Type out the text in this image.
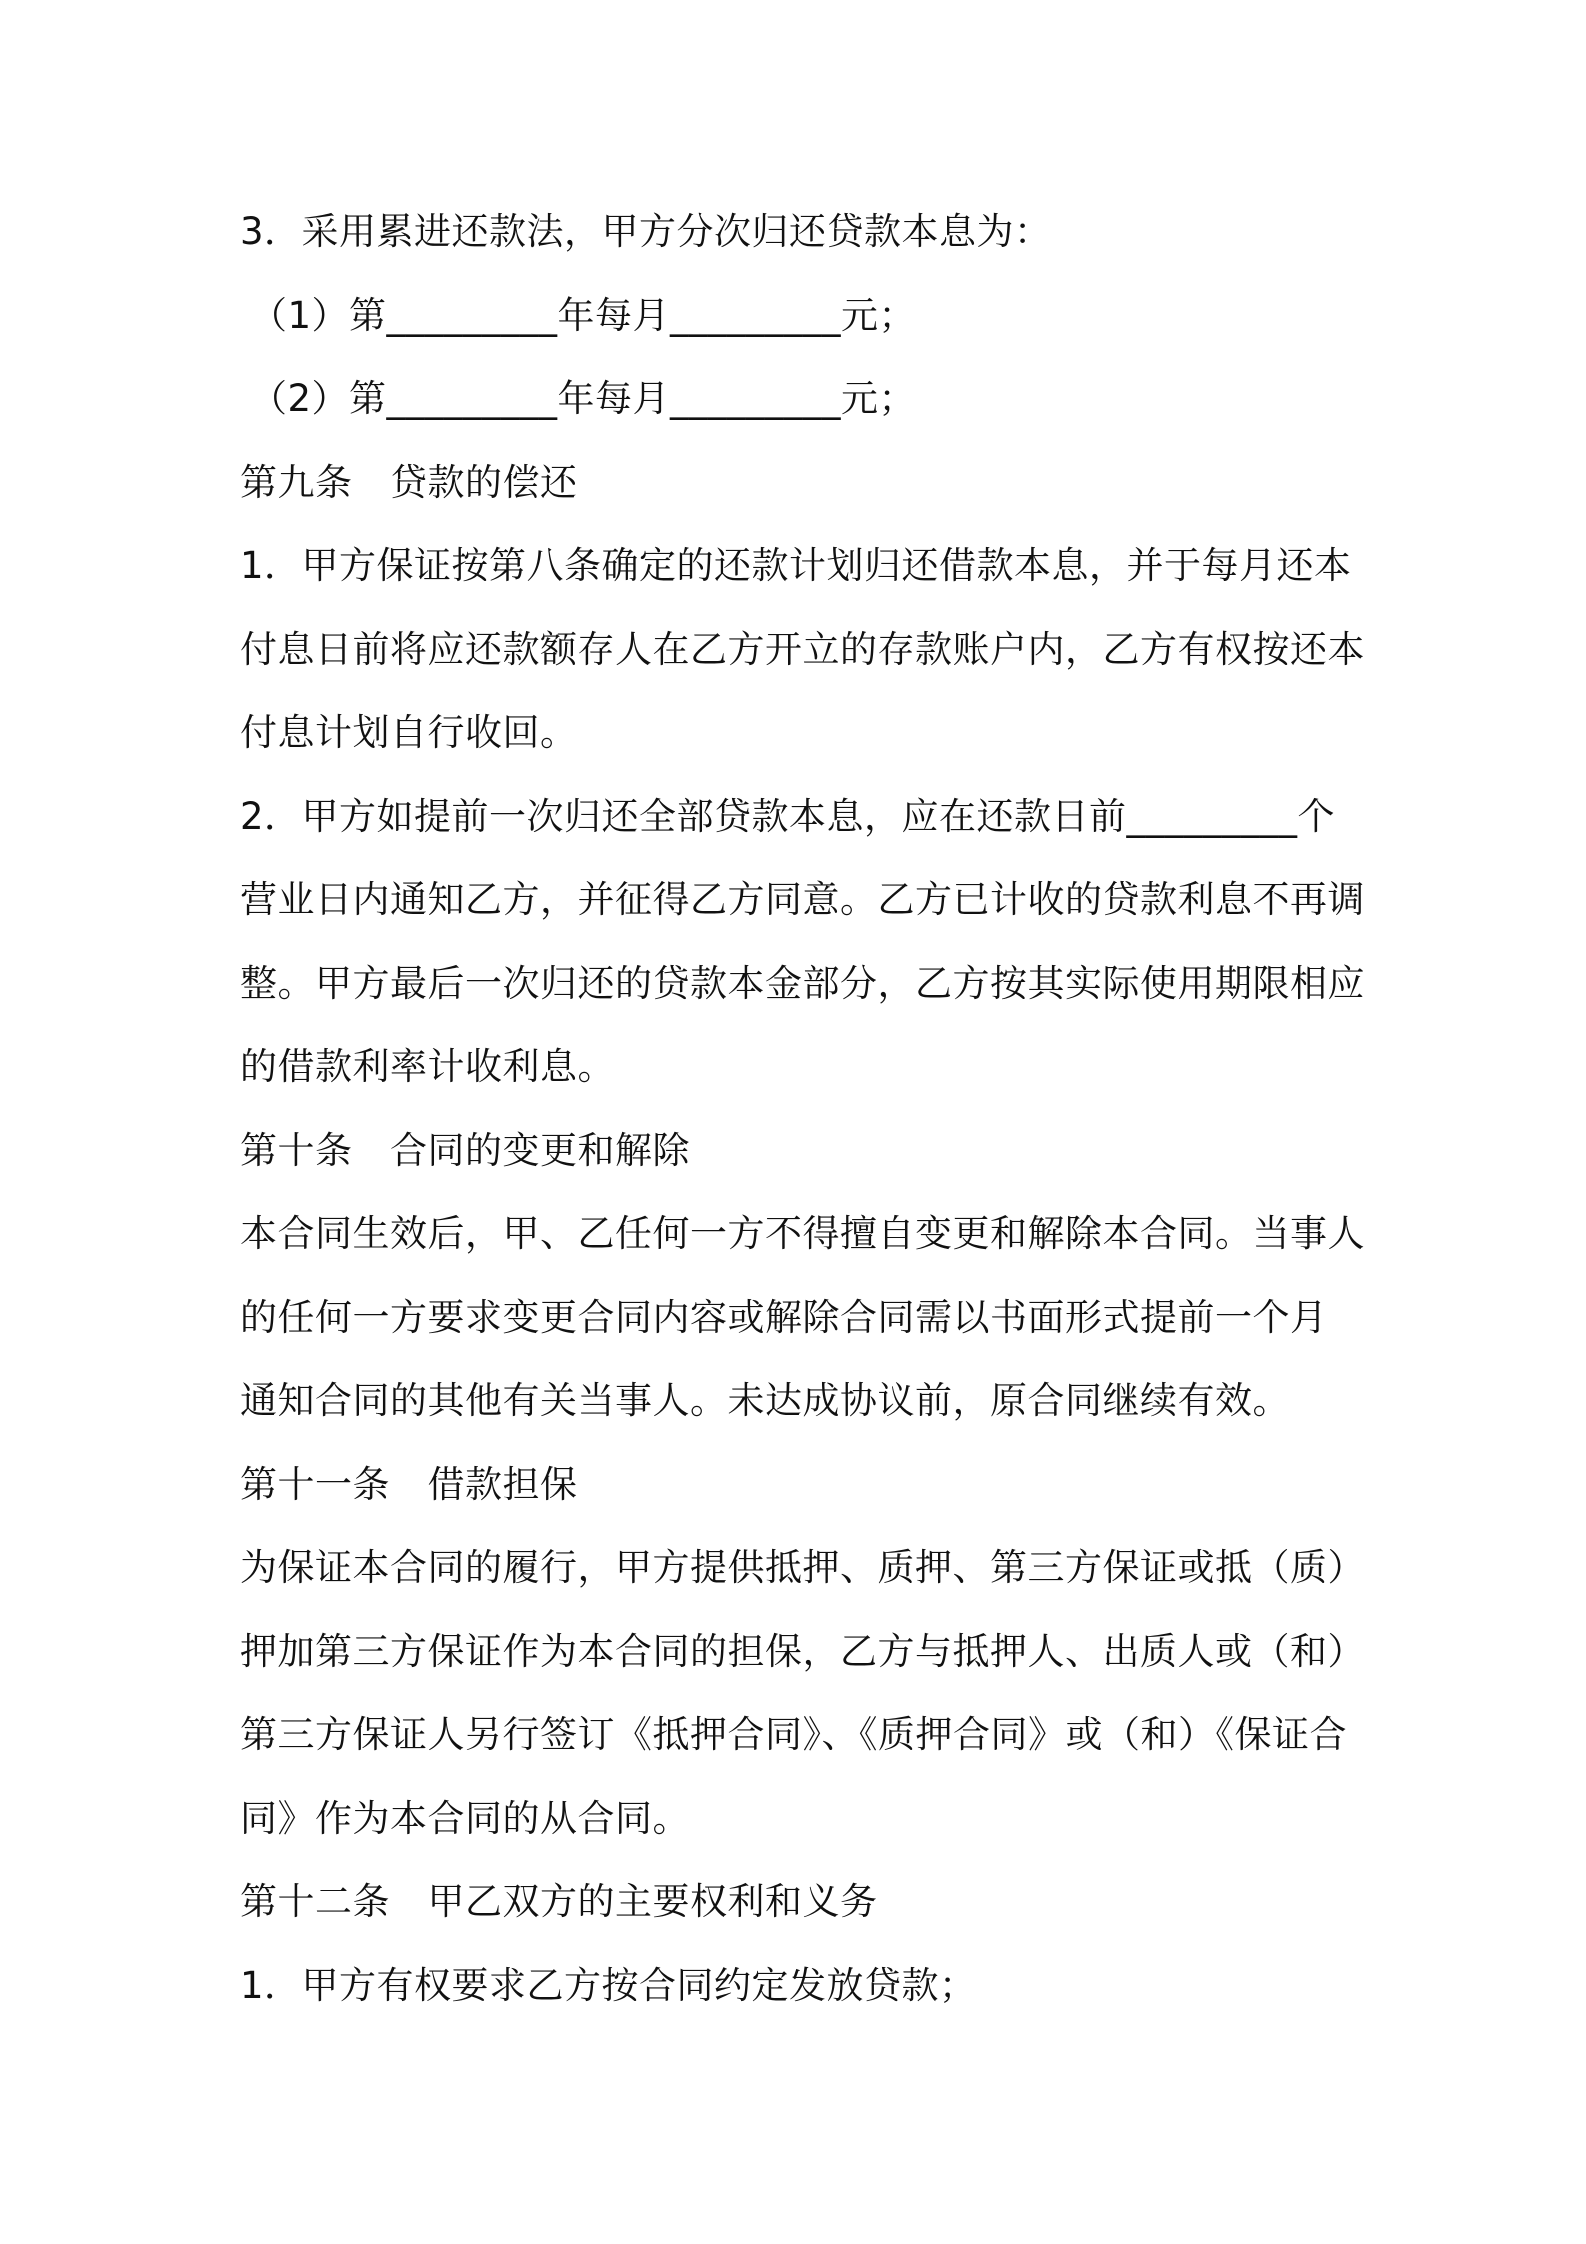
3．采用累进还款法，甲方分次归还贷款本息为：
（1）第_________年每月_________元；
（2）第_________年每月_________元；
第九条　贷款的偿还
1．甲方保证按第八条确定的还款计划归还借款本息，并于每月还本
付息日前将应还款额存人在乙方开立的存款账户内，乙方有权按还本
付息计划自行收回。
2．甲方如提前一次归还全部贷款本息，应在还款日前_________个
营业日内通知乙方，并征得乙方同意。乙方已计收的贷款利息不再调
整。甲方最后一次归还的贷款本金部分，乙方按其实际使用期限相应
的借款利率计收利息。
第十条　合同的变更和解除
本合同生效后，甲、乙任何一方不得擅自变更和解除本合同。当事人
的任何一方要求变更合同内容或解除合同需以书面形式提前一个月
通知合同的其他有关当事人。未达成协议前，原合同继续有效。
第十一条　借款担保
为保证本合同的履行，甲方提供抵押、质押、第三方保证或抵（质）
押加第三方保证作为本合同的担保，乙方与抵押人、出质人或（和）
第三方保证人另行签订《抵押合同》、《质押合同》或（和）《保证合
同》作为本合同的从合同。
第十二条　甲乙双方的主要权利和义务
1．甲方有权要求乙方按合同约定发放贷款；
